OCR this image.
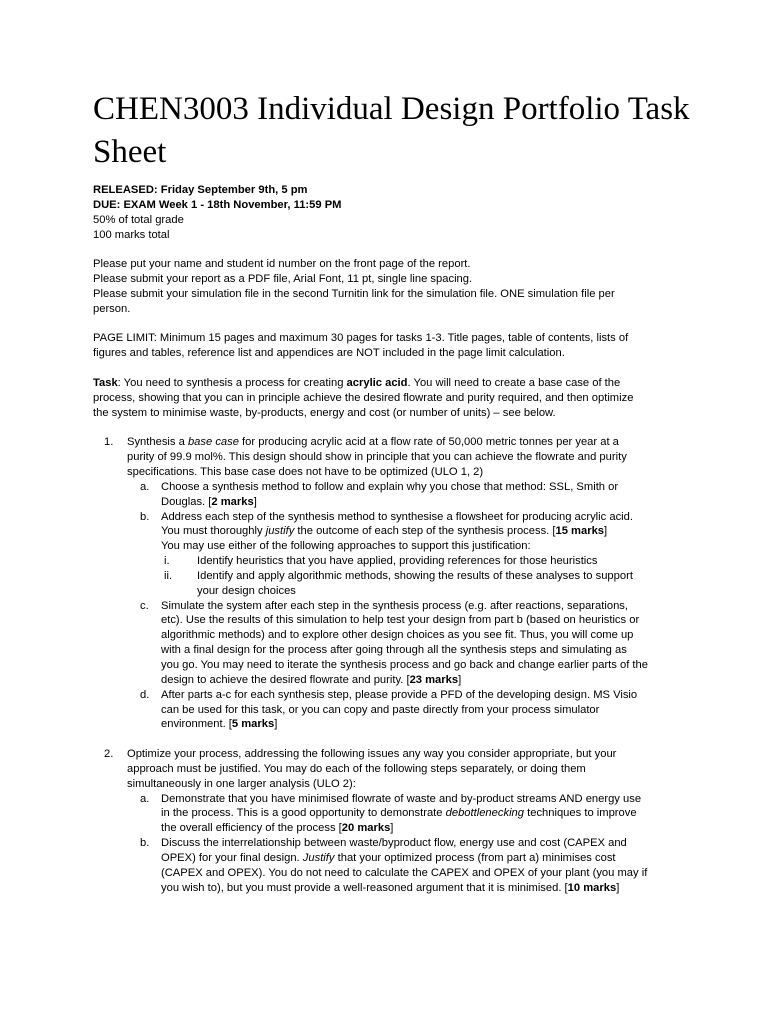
CHEN3003 Individual Design Portfolio Task Sheet
RELEASED: Friday September 9th, 5 pm
DUE: EXAM Week 1 - 18th November, 11:59 PM
50% of total grade
100 marks total
Please put your name and student id number on the front page of the report.
Please submit your report as a PDF file, Arial Font, 11 pt, single line spacing.
Please submit your simulation file in the second Turnitin link for the simulation file. ONE simulation file per
person.
PAGE LIMIT: Minimum 15 pages and maximum 30 pages for tasks 1-3. Title pages, table of contents, lists of
figures and tables, reference list and appendices are NOT included in the page limit calculation.
Task: You need to synthesis a process for creating acrylic acid. You will need to create a base case of the
process, showing that you can in principle achieve the desired flowrate and purity required, and then optimize
the system to minimise waste, by-products, energy and cost (or number of units) – see below.
1. Synthesis a base case for producing acrylic acid at a flow rate of 50,000 metric tonnes per year at a
purity of 99.9 mol%. This design should show in principle that you can achieve the flowrate and purity
specifications. This base case does not have to be optimized (ULO 1, 2)
a. Choose a synthesis method to follow and explain why you chose that method: SSL, Smith or
Douglas. [2 marks]
b. Address each step of the synthesis method to synthesise a flowsheet for producing acrylic acid.
You must thoroughly justify the outcome of each step of the synthesis process. [15 marks]
You may use either of the following approaches to support this justification:
i. Identify heuristics that you have applied, providing references for those heuristics
ii. Identify and apply algorithmic methods, showing the results of these analyses to support
your design choices
c. Simulate the system after each step in the synthesis process (e.g. after reactions, separations,
etc). Use the results of this simulation to help test your design from part b (based on heuristics or
algorithmic methods) and to explore other design choices as you see fit. Thus, you will come up
with a final design for the process after going through all the synthesis steps and simulating as
you go. You may need to iterate the synthesis process and go back and change earlier parts of the
design to achieve the desired flowrate and purity. [23 marks]
d. After parts a-c for each synthesis step, please provide a PFD of the developing design. MS Visio
can be used for this task, or you can copy and paste directly from your process simulator
environment. [5 marks]
2. Optimize your process, addressing the following issues any way you consider appropriate, but your
approach must be justified. You may do each of the following steps separately, or doing them
simultaneously in one larger analysis (ULO 2):
a. Demonstrate that you have minimised flowrate of waste and by-product streams AND energy use
in the process. This is a good opportunity to demonstrate debottlenecking techniques to improve
the overall efficiency of the process [20 marks]
b. Discuss the interrelationship between waste/byproduct flow, energy use and cost (CAPEX and
OPEX) for your final design. Justify that your optimized process (from part a) minimises cost
(CAPEX and OPEX). You do not need to calculate the CAPEX and OPEX of your plant (you may if
you wish to), but you must provide a well-reasoned argument that it is minimised. [10 marks]
